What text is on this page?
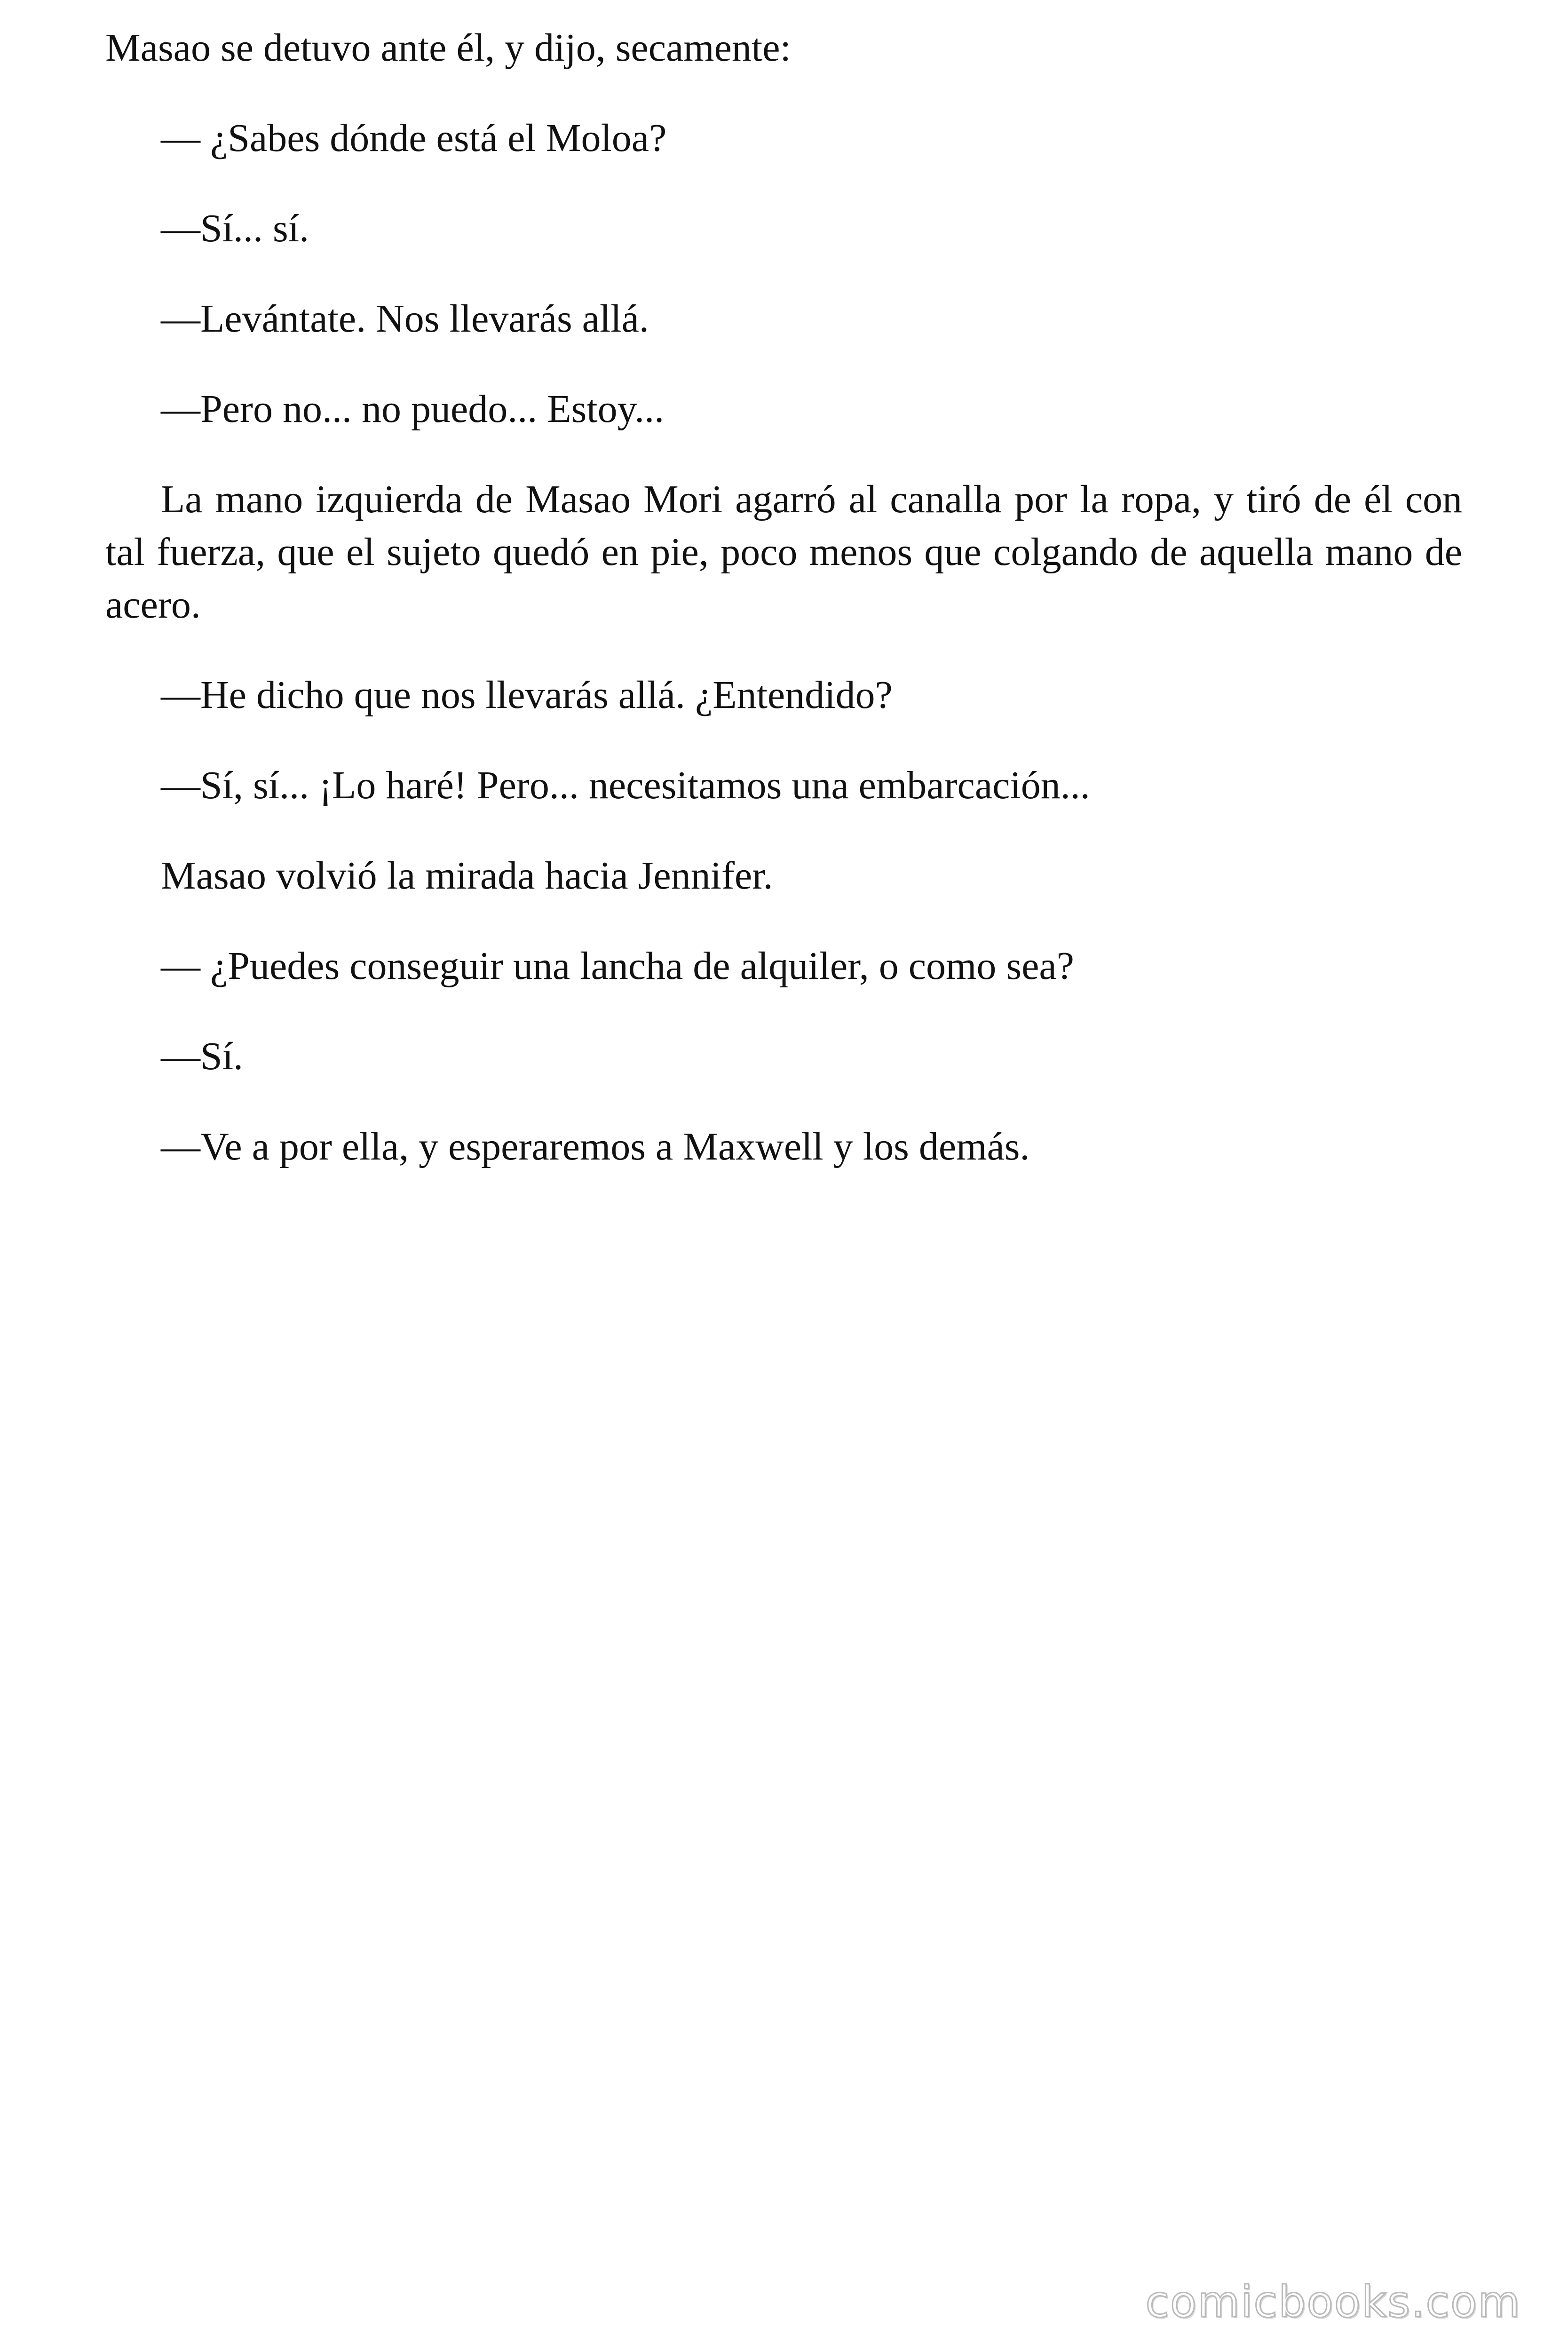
Masao se detuvo ante él, y dijo, secamente:

— ¿Sabes dónde está el Moloa?

—Sí... sí.

—Levántate. Nos llevarás allá.

—Pero no... no puedo... Estoy...

La mano izquierda de Masao Mori agarró al canalla por la ropa, y tiró de él con tal fuerza, que el sujeto quedó en pie, poco menos que colgando de aquella mano de acero.

—He dicho que nos llevarás allá. ¿Entendido?

—Sí, sí... ¡Lo haré! Pero... necesitamos una embarcación...

Masao volvió la mirada hacia Jennifer.

— ¿Puedes conseguir una lancha de alquiler, o como sea?

—Sí.

—Ve a por ella, y esperaremos a Maxwell y los demás.

comicbooks.com
